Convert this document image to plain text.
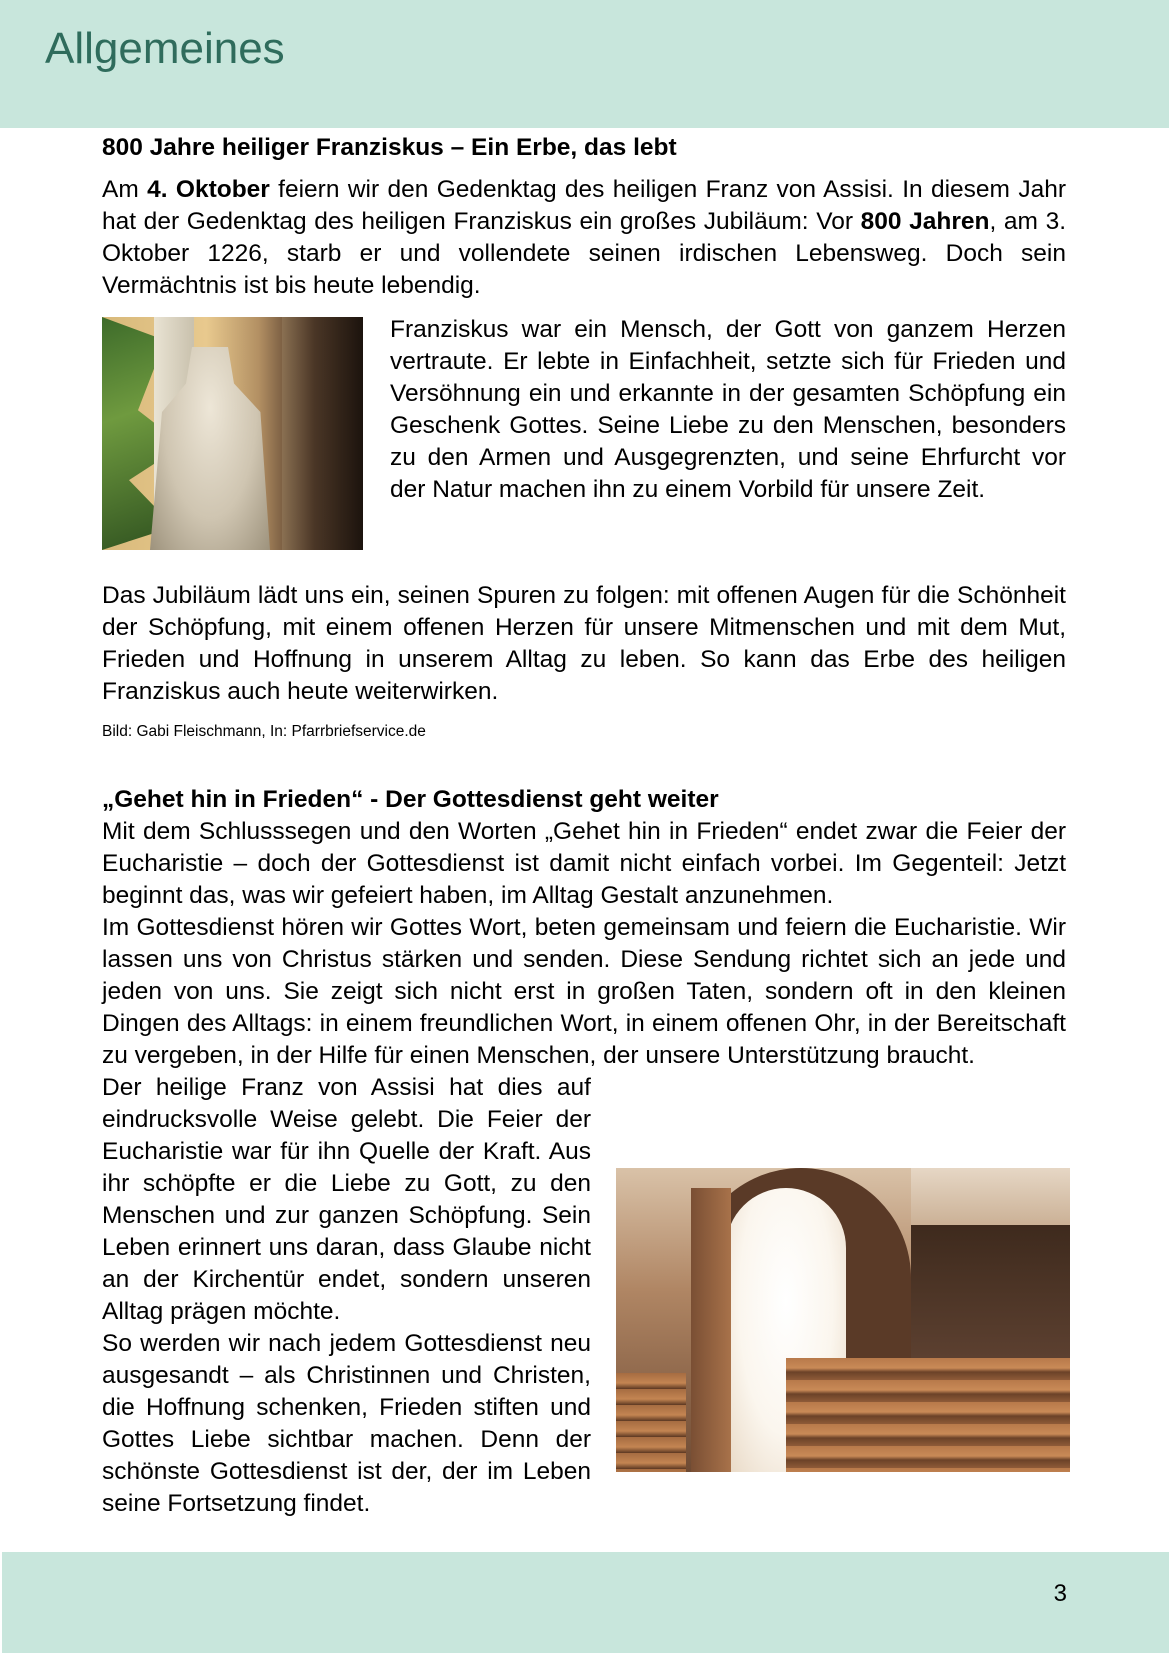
Allgemeines
800 Jahre heiliger Franziskus – Ein Erbe, das lebt

Am 4. Oktober feiern wir den Gedenktag des heiligen Franz von Assisi. In diesem Jahr hat der Gedenktag des heiligen Franziskus ein großes Jubiläum: Vor 800 Jahren, am 3. Oktober 1226, starb er und vollendete seinen irdischen Lebensweg. Doch sein Vermächtnis ist bis heute lebendig.

Franziskus war ein Mensch, der Gott von ganzem Herzen vertraute. Er lebte in Einfachheit, setzte sich für Frieden und Versöhnung ein und erkannte in der gesamten Schöpfung ein Geschenk Gottes. Seine Liebe zu den Menschen, besonders zu den Armen und Ausgegrenzten, und seine Ehrfurcht vor der Natur machen ihn zu einem Vorbild für unsere Zeit.

Das Jubiläum lädt uns ein, seinen Spuren zu folgen: mit offenen Augen für die Schönheit der Schöpfung, mit einem offenen Herzen für unsere Mitmenschen und mit dem Mut, Frieden und Hoffnung in unserem Alltag zu leben. So kann das Erbe des heiligen Franziskus auch heute weiterwirken.

Bild: Gabi Fleischmann, In: Pfarrbriefservice.de
„Gehet hin in Frieden“ - Der Gottesdienst geht weiter

Mit dem Schlusssegen und den Worten „Gehet hin in Frieden“ endet zwar die Feier der Eucharistie – doch der Gottesdienst ist damit nicht einfach vorbei. Im Gegenteil: Jetzt beginnt das, was wir gefeiert haben, im Alltag Gestalt anzunehmen.

Im Gottesdienst hören wir Gottes Wort, beten gemeinsam und feiern die Eucharistie. Wir lassen uns von Christus stärken und senden. Diese Sendung richtet sich an jede und jeden von uns. Sie zeigt sich nicht erst in großen Taten, sondern oft in den kleinen Dingen des Alltags: in einem freundlichen Wort, in einem offenen Ohr, in der Bereitschaft zu vergeben, in der Hilfe für einen Menschen, der unsere Unterstützung braucht.

Der heilige Franz von Assisi hat dies auf eindrucksvolle Weise gelebt. Die Feier der Eucharistie war für ihn Quelle der Kraft. Aus ihr schöpfte er die Liebe zu Gott, zu den Menschen und zur ganzen Schöpfung. Sein Leben erinnert uns daran, dass Glaube nicht an der Kirchentür endet, sondern unseren Alltag prägen möchte.

So werden wir nach jedem Gottesdienst neu ausgesandt – als Christinnen und Christen, die Hoffnung schenken, Frieden stiften und Gottes Liebe sichtbar machen. Denn der schönste Gottesdienst ist der, der im Leben seine Fortsetzung findet.

3
